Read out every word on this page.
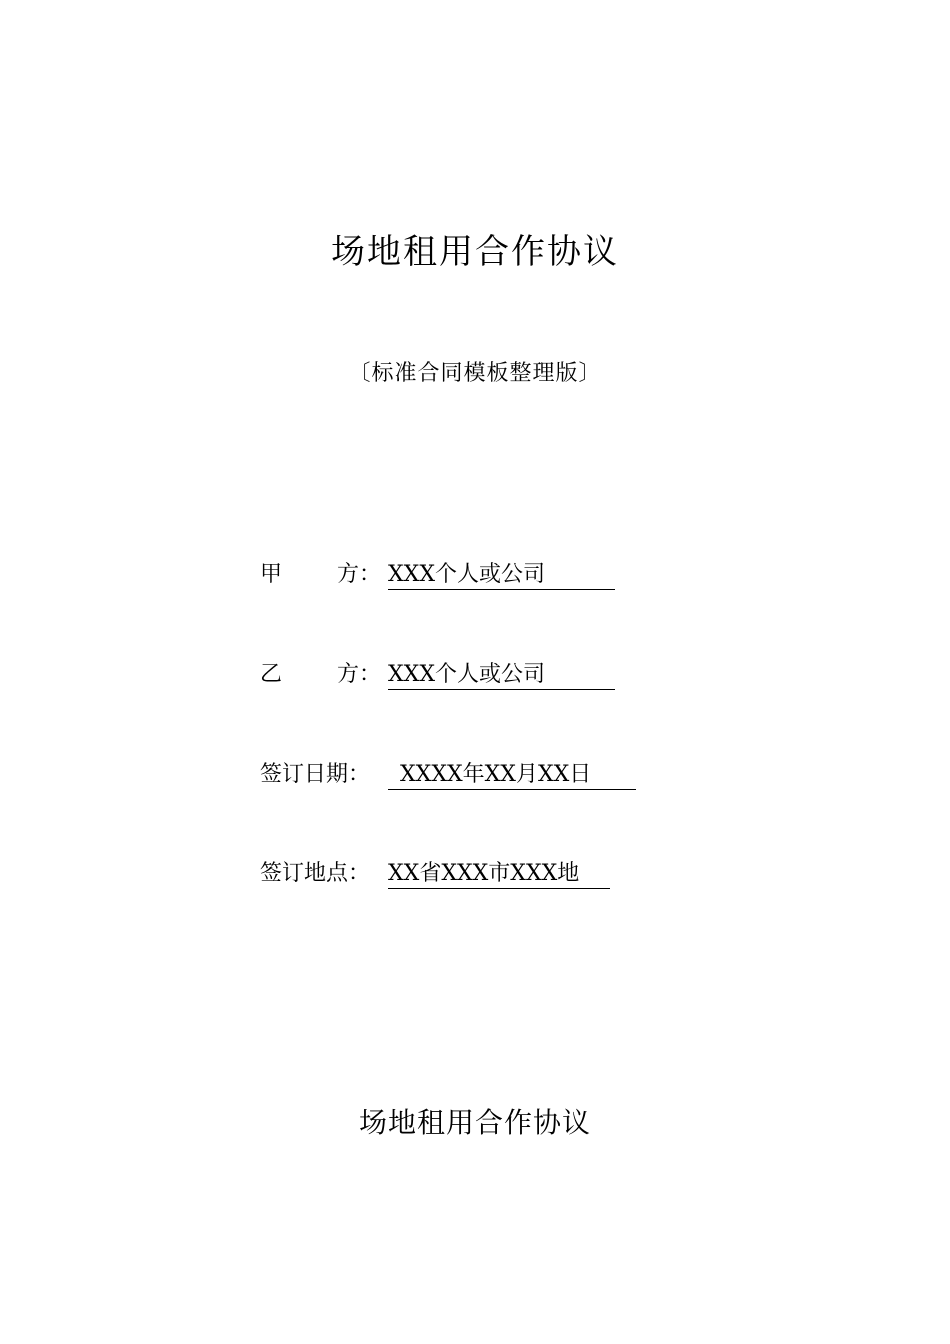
场地租用合作协议
〔标准合同模板整理版〕
甲 方： XXX个人或公司
乙 方： XXX个人或公司
签订日期： XXXX年XX月XX日
签订地点： XX省XXX市XXX地
场地租用合作协议
